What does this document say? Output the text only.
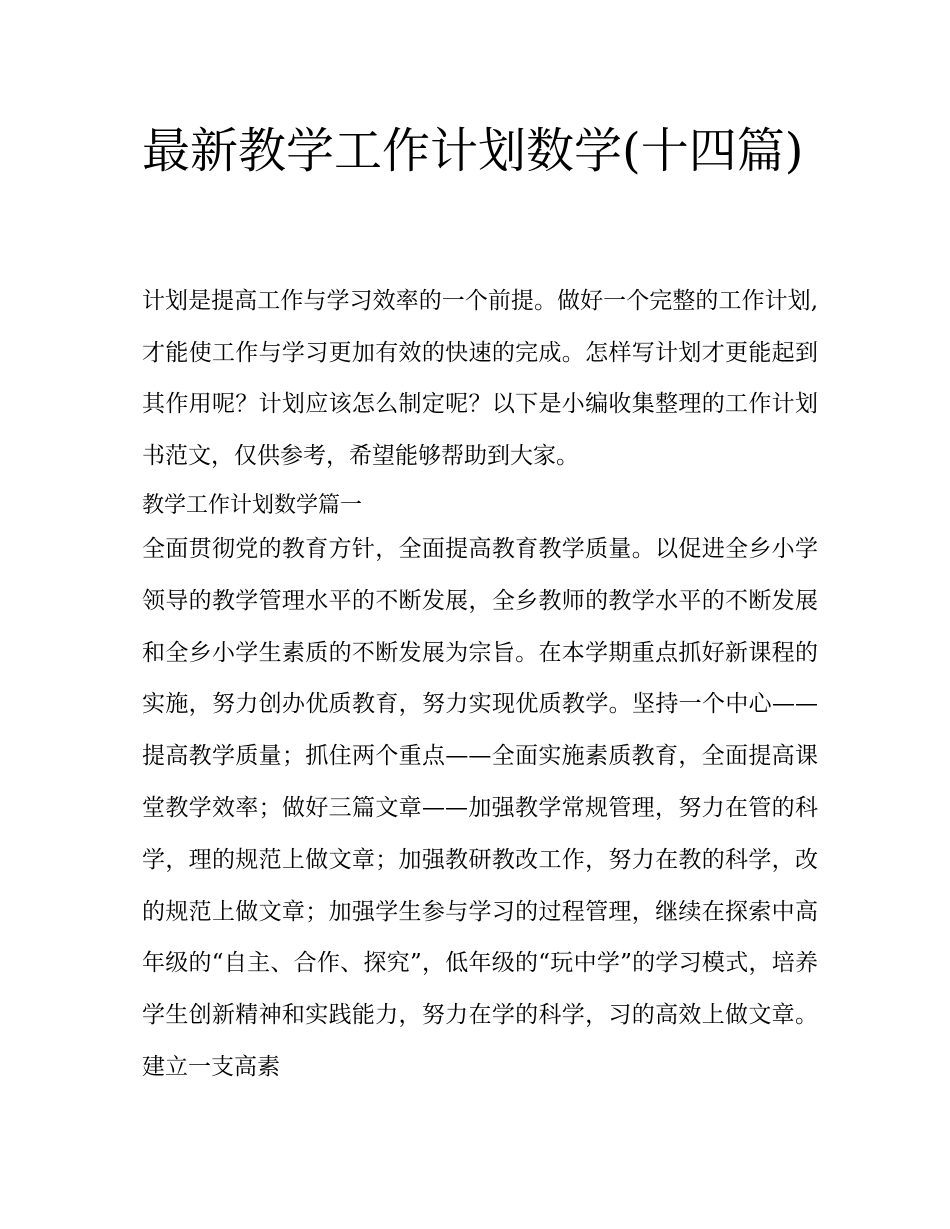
最新教学工作计划数学(十四篇)

计划是提高工作与学习效率的一个前提。做好一个完整的工作计划,才能使工作与学习更加有效的快速的完成。怎样写计划才更能起到其作用呢？计划应该怎么制定呢？以下是小编收集整理的工作计划书范文，仅供参考，希望能够帮助到大家。

教学工作计划数学篇一

全面贯彻党的教育方针，全面提高教育教学质量。以促进全乡小学领导的教学管理水平的不断发展，全乡教师的教学水平的不断发展和全乡小学生素质的不断发展为宗旨。在本学期重点抓好新课程的实施，努力创办优质教育，努力实现优质教学。坚持一个中心——提高教学质量；抓住两个重点——全面实施素质教育，全面提高课堂教学效率；做好三篇文章——加强教学常规管理，努力在管的科学，理的规范上做文章；加强教研教改工作，努力在教的科学，改的规范上做文章；加强学生参与学习的过程管理，继续在探索中高年级的“自主、合作、探究”，低年级的“玩中学”的学习模式，培养学生创新精神和实践能力，努力在学的科学，习的高效上做文章。建立一支高素
